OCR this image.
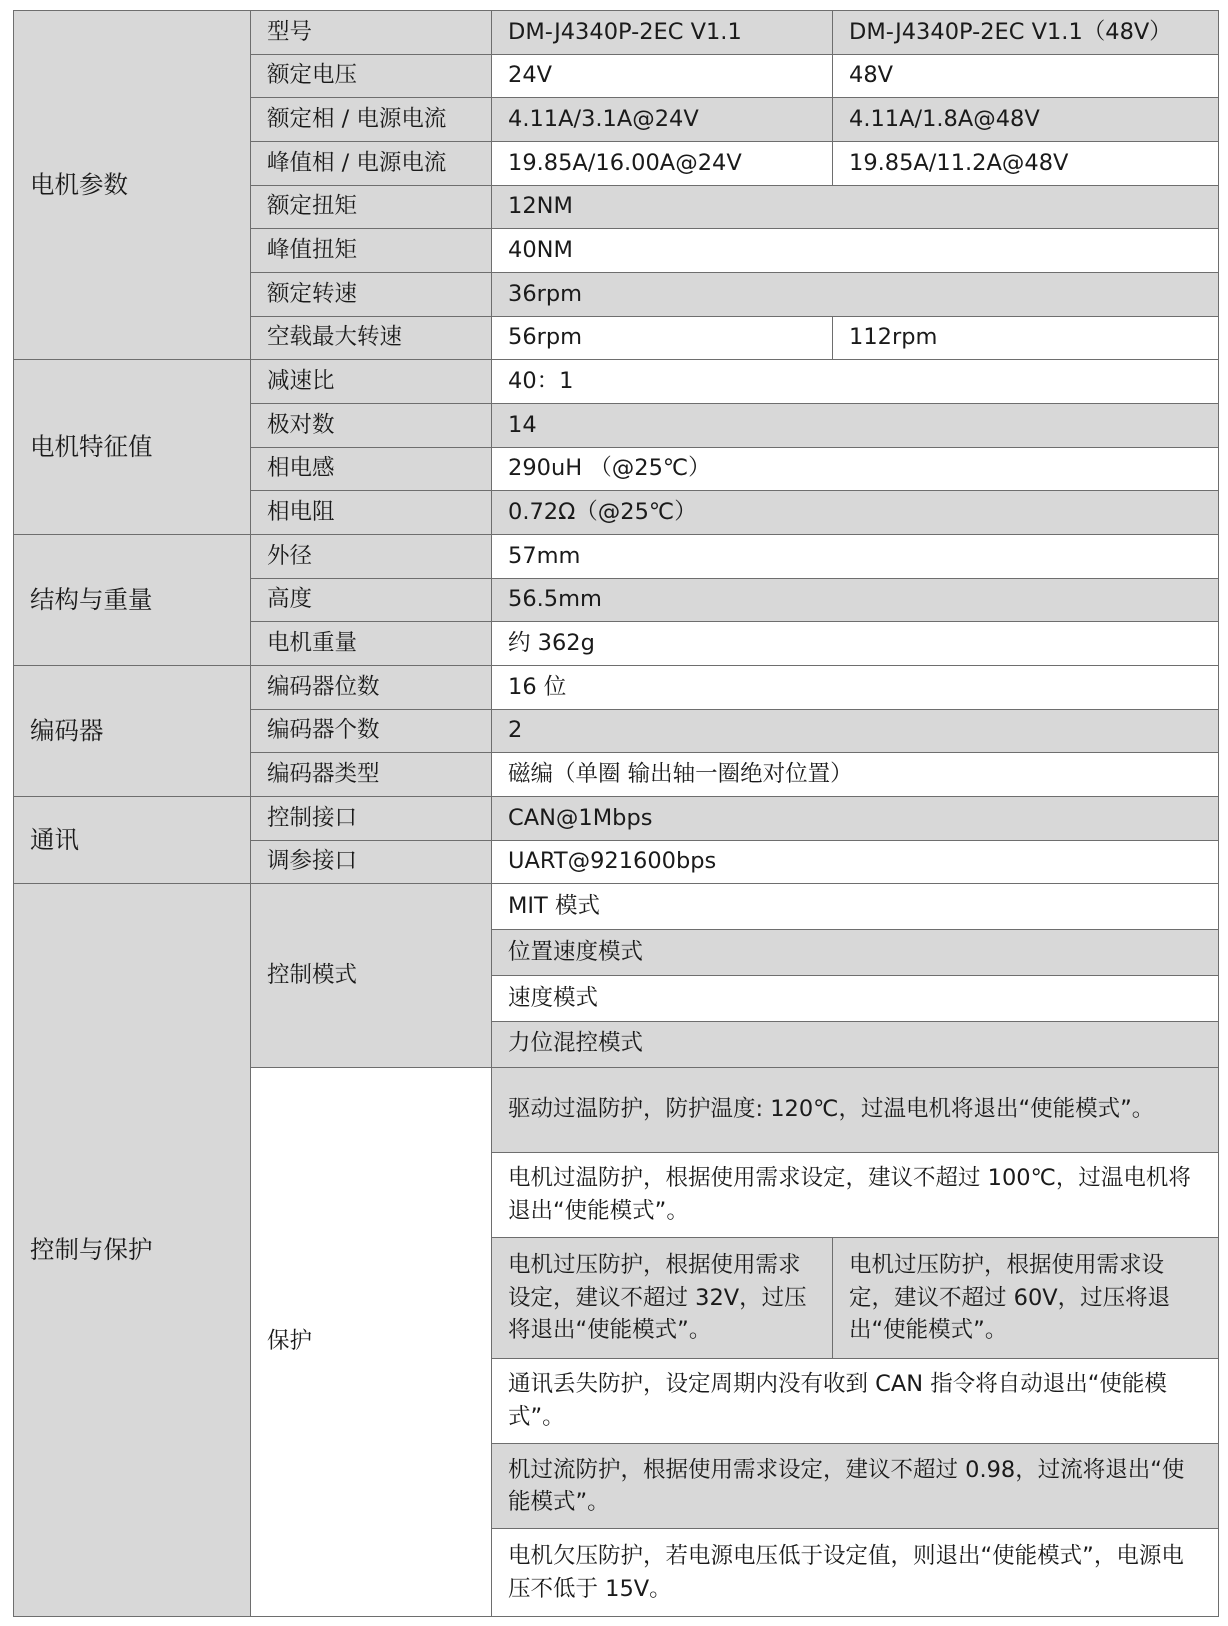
电机参数	型号	DM-J4340P-2EC V1.1	DM-J4340P-2EC V1.1（48V）
	额定电压	24V	48V
	额定相 / 电源电流	4.11A/3.1A@24V	4.11A/1.8A@48V
	峰值相 / 电源电流	19.85A/16.00A@24V	19.85A/11.2A@48V
	额定扭矩	12NM	
	峰值扭矩	40NM	
	额定转速	36rpm	
	空载最大转速	56rpm	112rpm
电机特征值	减速比	40：1	
	极对数	14	
	相电感	290uH （@25℃）	
	相电阻	0.72Ω（@25℃）	
结构与重量	外径	57mm	
	高度	56.5mm	
	电机重量	约 362g	
编码器	编码器位数	16 位	
	编码器个数	2	
	编码器类型	磁编（单圈 输出轴一圈绝对位置）	
通讯	控制接口	CAN@1Mbps	
	调参接口	UART@921600bps	
控制与保护	控制模式	MIT 模式	
		位置速度模式	
		速度模式	
		力位混控模式	
	保护	驱动过温防护，防护温度: 120℃，过温电机将退出“使能模式”。	
		电机过温防护，根据使用需求设定，建议不超过 100℃，过温电机将退出“使能模式”。	
		电机过压防护，根据使用需求设定，建议不超过 32V，过压将退出“使能模式”。	电机过压防护，根据使用需求设定，建议不超过 60V，过压将退出“使能模式”。
		通讯丢失防护，设定周期内没有收到 CAN 指令将自动退出“使能模式”。	
		机过流防护，根据使用需求设定，建议不超过 0.98，过流将退出“使能模式”。	
		电机欠压防护，若电源电压低于设定值，则退出“使能模式”，电源电压不低于 15V。	
